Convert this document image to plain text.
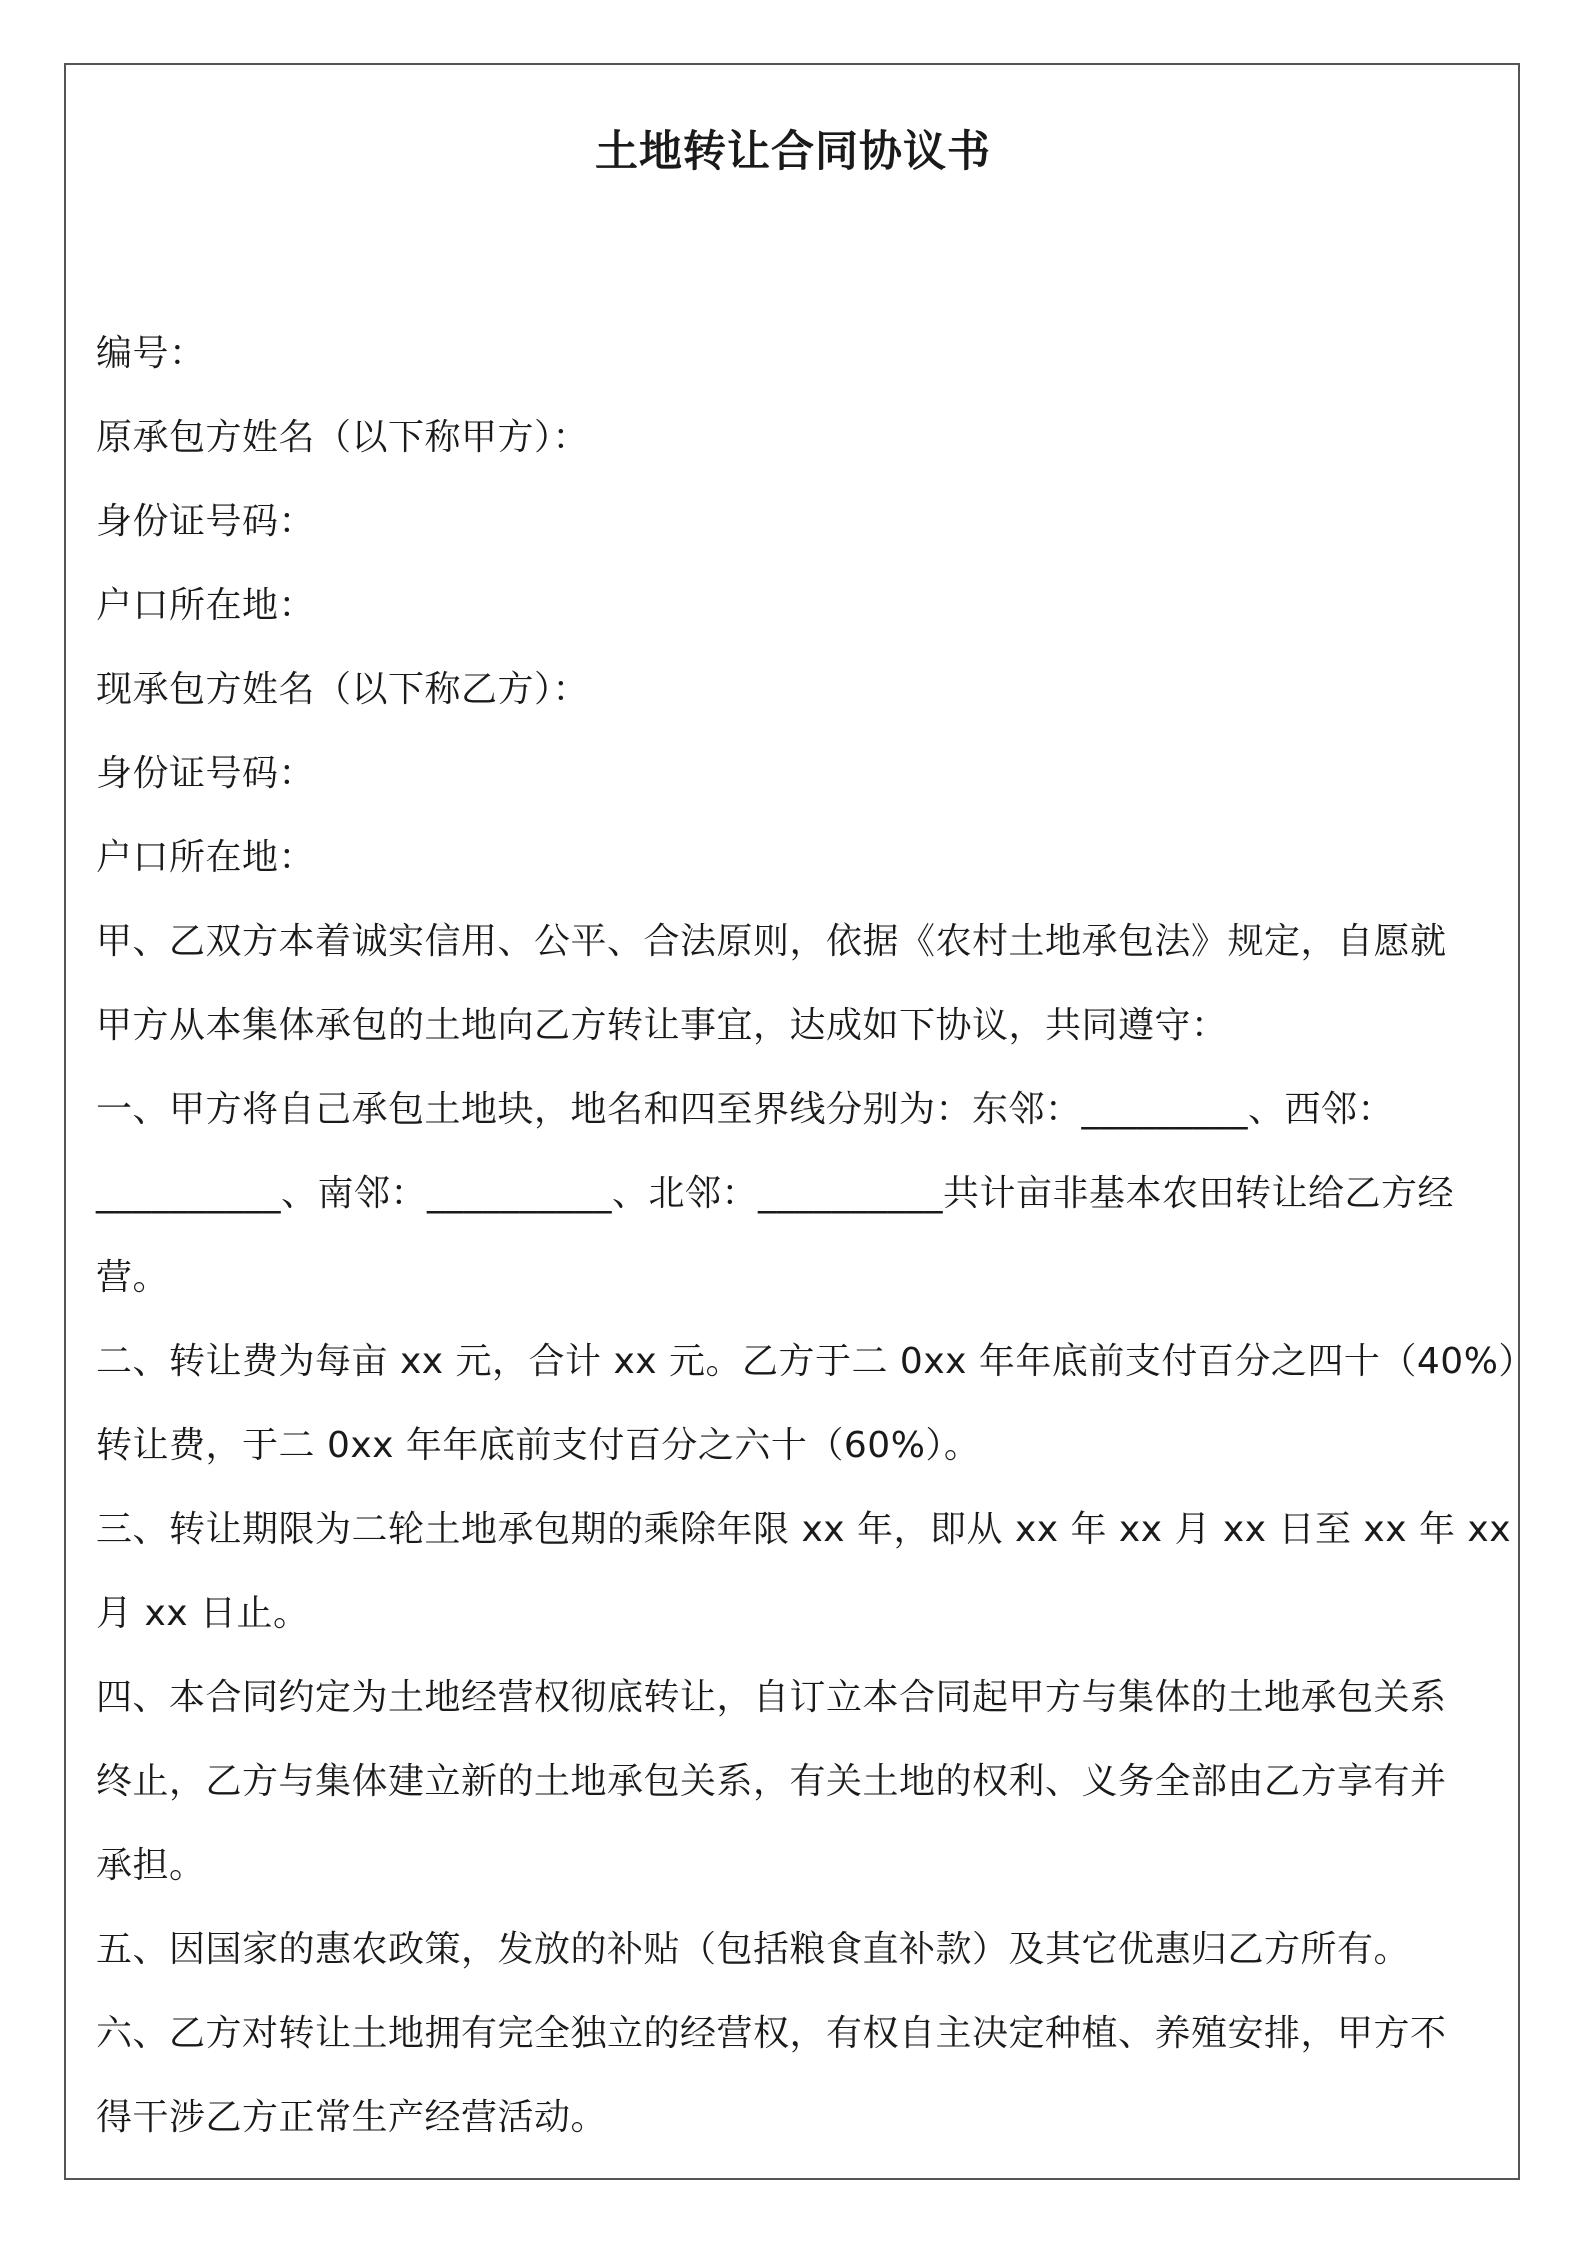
土地转让合同协议书
编号：
原承包方姓名（以下称甲方）：
身份证号码：
户口所在地：
现承包方姓名（以下称乙方）：
身份证号码：
户口所在地：
甲、乙双方本着诚实信用、公平、合法原则，依据《农村土地承包法》规定，自愿就
甲方从本集体承包的土地向乙方转让事宜，达成如下协议，共同遵守：
一、甲方将自己承包土地块，地名和四至界线分别为：东邻：_________、西邻：
__________、南邻：__________、北邻：__________共计亩非基本农田转让给乙方经
营。
二、转让费为每亩 xx 元，合计 xx 元。乙方于二 0xx 年年底前支付百分之四十（40%）
转让费，于二 0xx 年年底前支付百分之六十（60%）。
三、转让期限为二轮土地承包期的乘除年限 xx 年，即从 xx 年 xx 月 xx 日至 xx 年 xx
月 xx 日止。
四、本合同约定为土地经营权彻底转让，自订立本合同起甲方与集体的土地承包关系
终止，乙方与集体建立新的土地承包关系，有关土地的权利、义务全部由乙方享有并
承担。
五、因国家的惠农政策，发放的补贴（包括粮食直补款）及其它优惠归乙方所有。
六、乙方对转让土地拥有完全独立的经营权，有权自主决定种植、养殖安排，甲方不
得干涉乙方正常生产经营活动。
